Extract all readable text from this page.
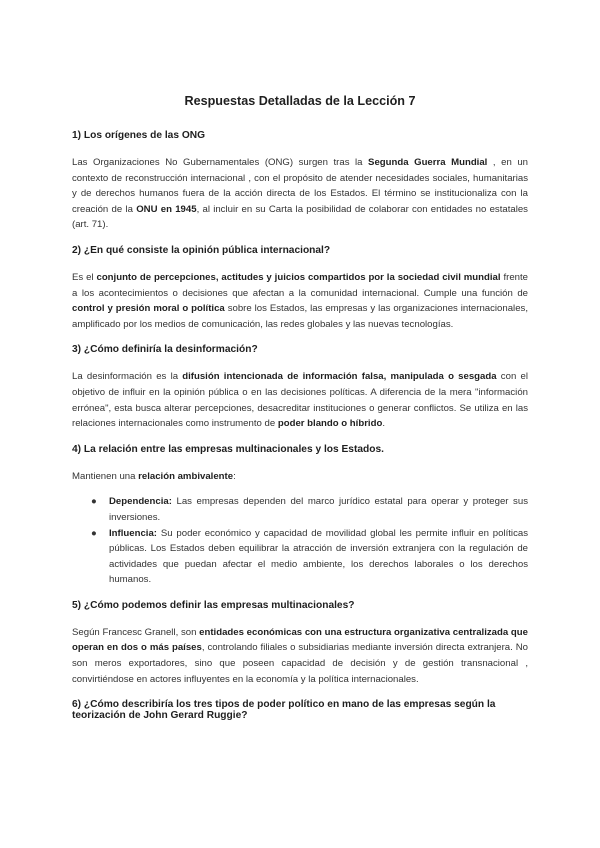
Respuestas Detalladas de la Lección 7
1) Los orígenes de las ONG
Las Organizaciones No Gubernamentales (ONG) surgen tras la Segunda Guerra Mundial , en un contexto de reconstrucción internacional , con el propósito de atender necesidades sociales, humanitarias y de derechos humanos fuera de la acción directa de los Estados. El término se institucionaliza con la creación de la ONU en 1945, al incluir en su Carta la posibilidad de colaborar con entidades no estatales (art. 71).
2) ¿En qué consiste la opinión pública internacional?
Es el conjunto de percepciones, actitudes y juicios compartidos por la sociedad civil mundial frente a los acontecimientos o decisiones que afectan a la comunidad internacional. Cumple una función de control y presión moral o política sobre los Estados, las empresas y las organizaciones internacionales, amplificado por los medios de comunicación, las redes globales y las nuevas tecnologías.
3) ¿Cómo definiría la desinformación?
La desinformación es la difusión intencionada de información falsa, manipulada o sesgada con el objetivo de influir en la opinión pública o en las decisiones políticas. A diferencia de la mera "información errónea", esta busca alterar percepciones, desacreditar instituciones o generar conflictos. Se utiliza en las relaciones internacionales como instrumento de poder blando o híbrido.
4) La relación entre las empresas multinacionales y los Estados.
Mantienen una relación ambivalente:
● Dependencia: Las empresas dependen del marco jurídico estatal para operar y proteger sus inversiones.
● Influencia: Su poder económico y capacidad de movilidad global les permite influir en políticas públicas. Los Estados deben equilibrar la atracción de inversión extranjera con la regulación de actividades que puedan afectar el medio ambiente, los derechos laborales o los derechos humanos.
5) ¿Cómo podemos definir las empresas multinacionales?
Según Francesc Granell, son entidades económicas con una estructura organizativa centralizada que operan en dos o más países, controlando filiales o subsidiarias mediante inversión directa extranjera. No son meros exportadores, sino que poseen capacidad de decisión y de gestión transnacional , convirtiéndose en actores influyentes en la economía y la política internacionales.
6) ¿Cómo describiría los tres tipos de poder político en mano de las empresas según la teorización de John Gerard Ruggie?
